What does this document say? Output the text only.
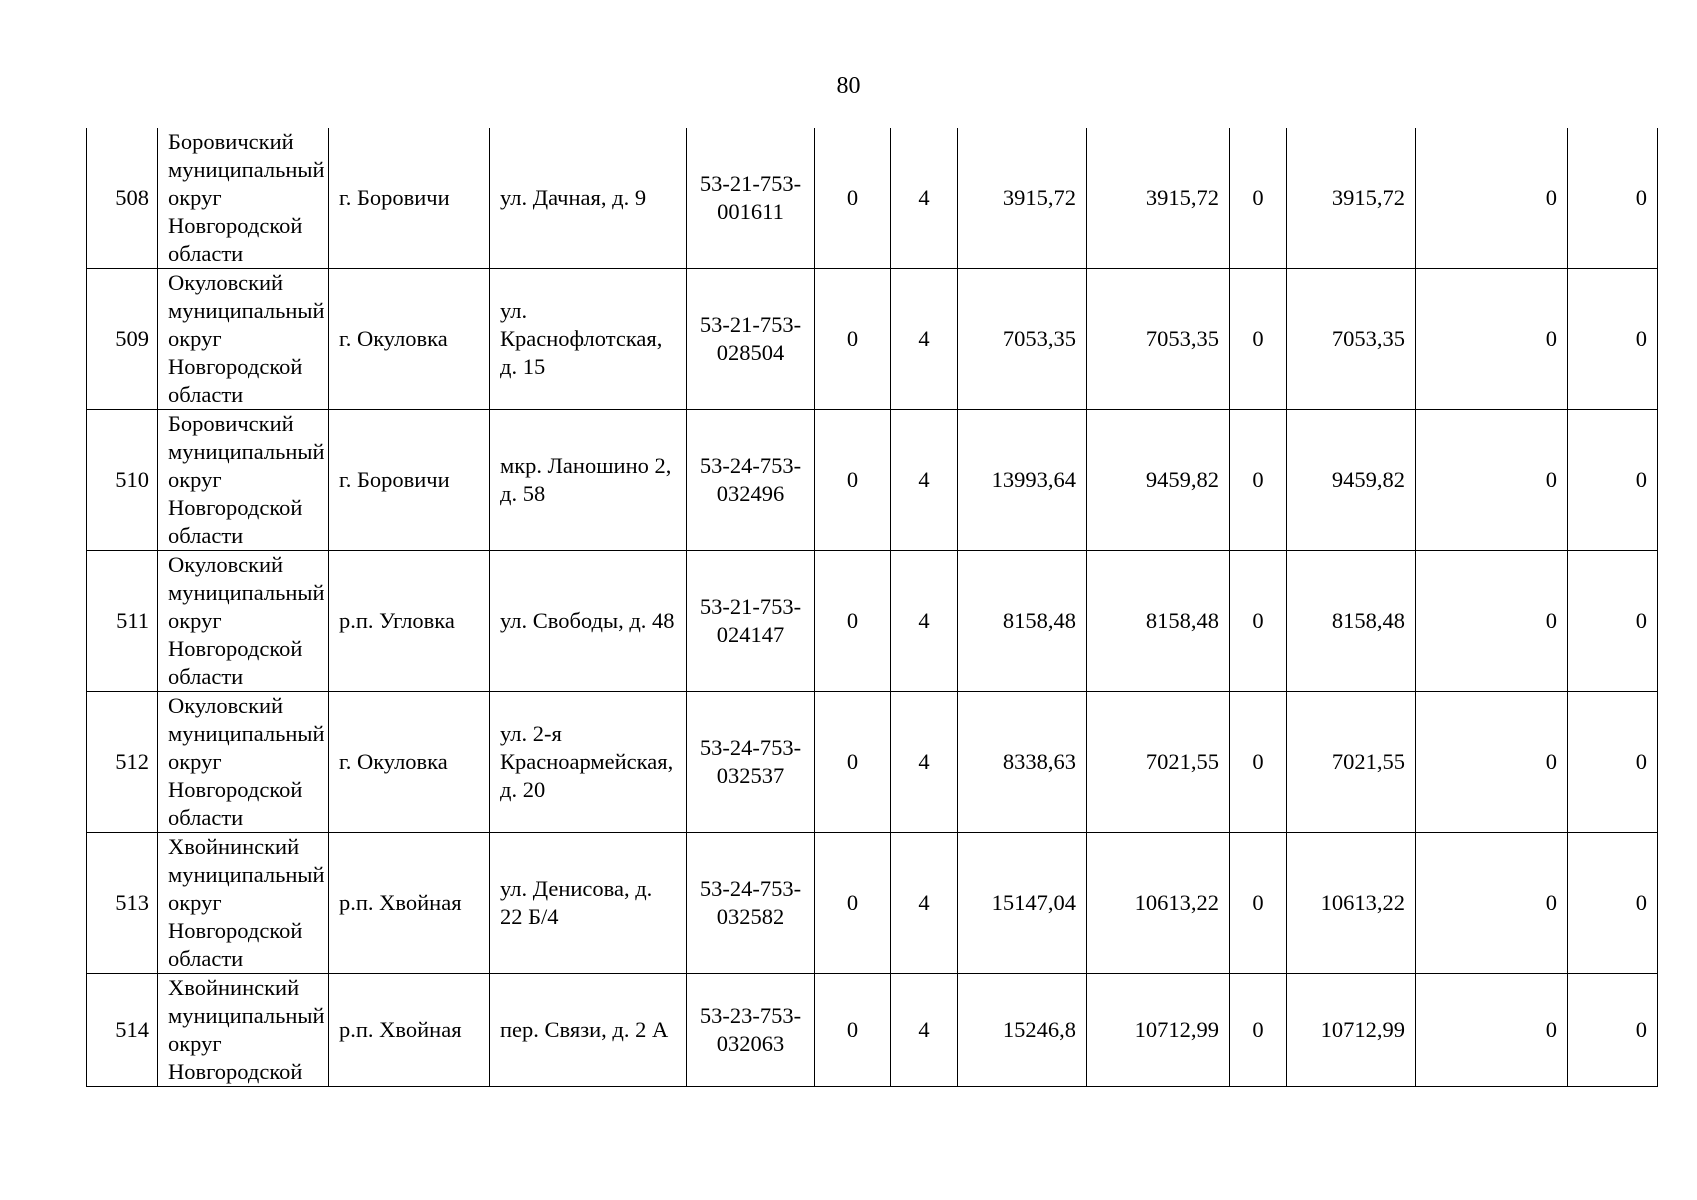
80
508	Боровичский муниципальный округ Новгородской области	г. Боровичи	ул. Дачная, д. 9	53-21-753-001611	0	4	3915,72	3915,72	0	3915,72	0	0
509	Окуловский муниципальный округ Новгородской области	г. Окуловка	ул. Краснофлотская, д. 15	53-21-753-028504	0	4	7053,35	7053,35	0	7053,35	0	0
510	Боровичский муниципальный округ Новгородской области	г. Боровичи	мкр. Ланошино 2, д. 58	53-24-753-032496	0	4	13993,64	9459,82	0	9459,82	0	0
511	Окуловский муниципальный округ Новгородской области	р.п. Угловка	ул. Свободы, д. 48	53-21-753-024147	0	4	8158,48	8158,48	0	8158,48	0	0
512	Окуловский муниципальный округ Новгородской области	г. Окуловка	ул. 2-я Красноармейская, д. 20	53-24-753-032537	0	4	8338,63	7021,55	0	7021,55	0	0
513	Хвойнинский муниципальный округ Новгородской области	р.п. Хвойная	ул. Денисова, д. 22 Б/4	53-24-753-032582	0	4	15147,04	10613,22	0	10613,22	0	0
514	Хвойнинский муниципальный округ Новгородской	р.п. Хвойная	пер. Связи, д. 2 А	53-23-753-032063	0	4	15246,8	10712,99	0	10712,99	0	0
